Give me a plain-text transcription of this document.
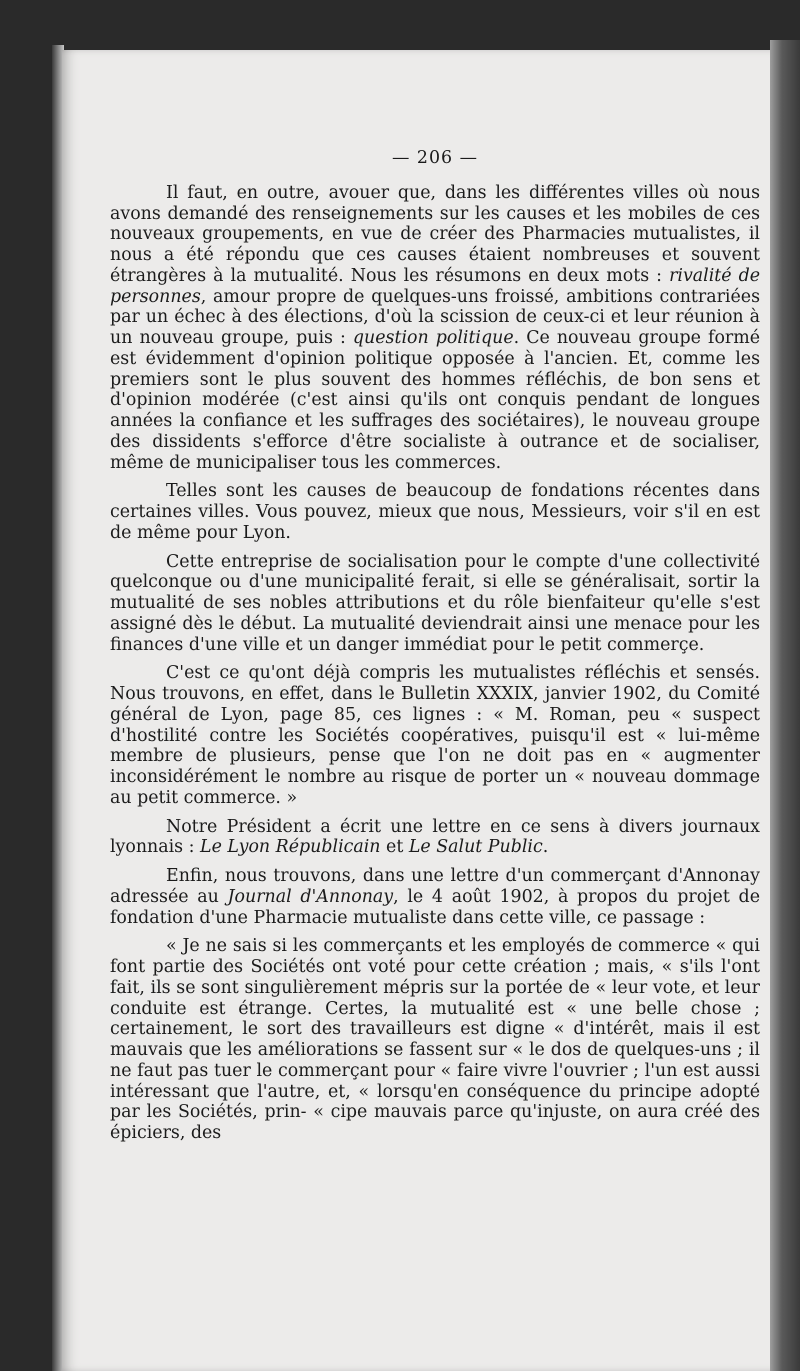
— 206 —

Il faut, en outre, avouer que, dans les différentes villes où nous avons demandé des renseignements sur les causes et les mobiles de ces nouveaux groupements, en vue de créer des Pharmacies mutualistes, il nous a été répondu que ces causes étaient nombreuses et souvent étrangères à la mutualité. Nous les résumons en deux mots : rivalité de personnes, amour propre de quelques-uns froissé, ambitions contrariées par un échec à des élections, d'où la scission de ceux-ci et leur réunion à un nouveau groupe, puis : question politique. Ce nouveau groupe formé est évidemment d'opinion politique opposée à l'ancien. Et, comme les premiers sont le plus souvent des hommes réfléchis, de bon sens et d'opinion modérée (c'est ainsi qu'ils ont conquis pendant de longues années la confiance et les suffrages des sociétaires), le nouveau groupe des dissidents s'efforce d'être socialiste à outrance et de socialiser, même de municipaliser tous les commerces.

Telles sont les causes de beaucoup de fondations récentes dans certaines villes. Vous pouvez, mieux que nous, Messieurs, voir s'il en est de même pour Lyon.

Cette entreprise de socialisation pour le compte d'une collectivité quelconque ou d'une municipalité ferait, si elle se généralisait, sortir la mutualité de ses nobles attributions et du rôle bienfaiteur qu'elle s'est assigné dès le début. La mutualité deviendrait ainsi une menace pour les finances d'une ville et un danger immédiat pour le petit commerçe.

C'est ce qu'ont déjà compris les mutualistes réfléchis et sensés. Nous trouvons, en effet, dans le Bulletin XXXIX, janvier 1902, du Comité général de Lyon, page 85, ces lignes : « M. Roman, peu « suspect d'hostilité contre les Sociétés coopératives, puisqu'il est « lui-même membre de plusieurs, pense que l'on ne doit pas en « augmenter inconsidérément le nombre au risque de porter un « nouveau dommage au petit commerce. »

Notre Président a écrit une lettre en ce sens à divers journaux lyonnais : Le Lyon Républicain et Le Salut Public.

Enfin, nous trouvons, dans une lettre d'un commerçant d'Annonay adressée au Journal d'Annonay, le 4 août 1902, à propos du projet de fondation d'une Pharmacie mutualiste dans cette ville, ce passage :

« Je ne sais si les commerçants et les employés de commerce « qui font partie des Sociétés ont voté pour cette création ; mais, « s'ils l'ont fait, ils se sont singulièrement mépris sur la portée de « leur vote, et leur conduite est étrange. Certes, la mutualité est « une belle chose ; certainement, le sort des travailleurs est digne « d'intérêt, mais il est mauvais que les améliorations se fassent sur « le dos de quelques-uns ; il ne faut pas tuer le commerçant pour « faire vivre l'ouvrier ; l'un est aussi intéressant que l'autre, et, « lorsqu'en conséquence du principe adopté par les Sociétés, prin- « cipe mauvais parce qu'injuste, on aura créé des épiciers, des
